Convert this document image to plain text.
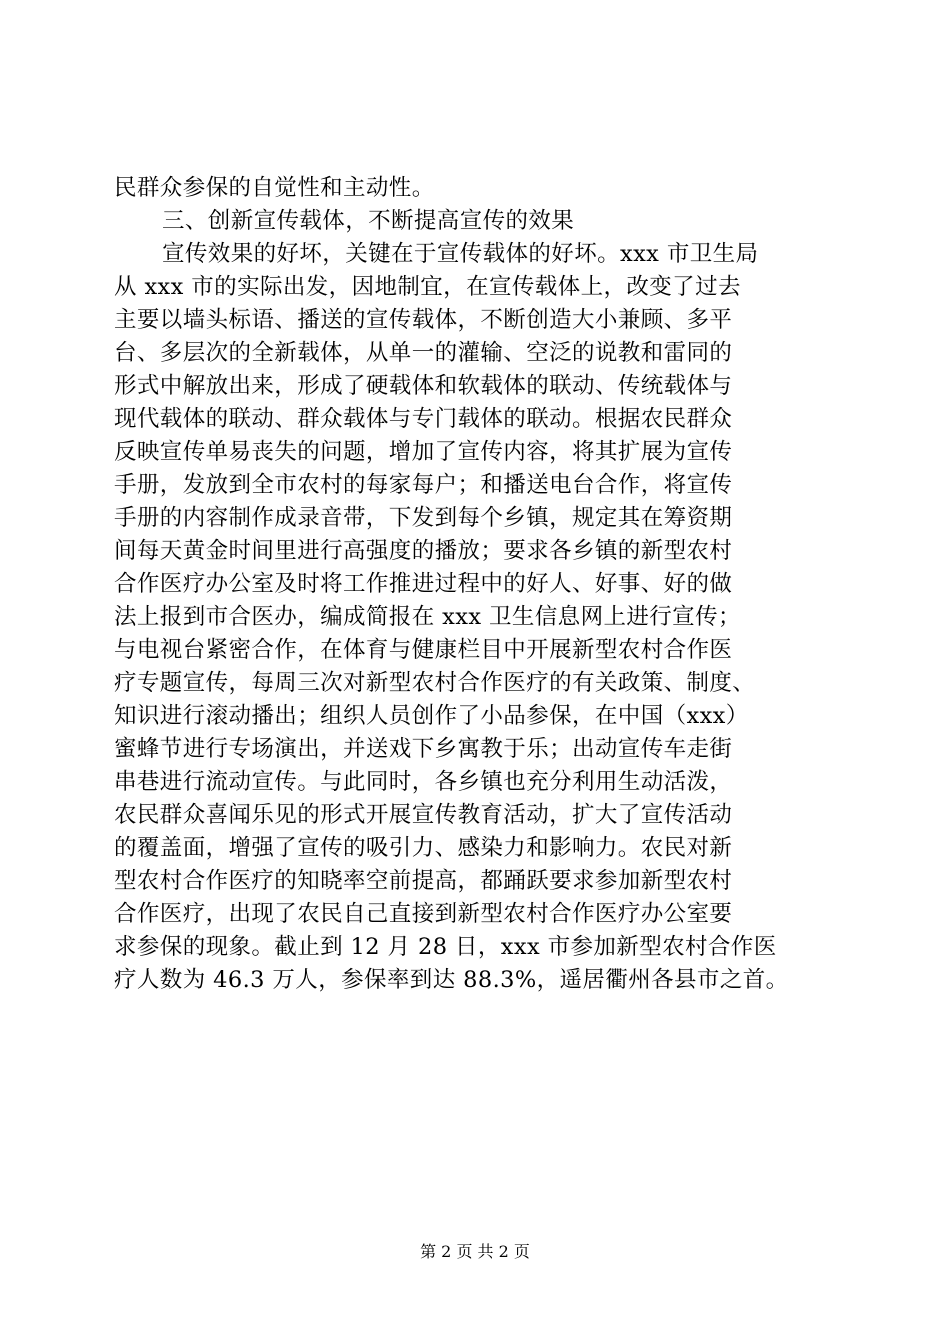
民群众参保的自觉性和主动性。
三、创新宣传载体，不断提高宣传的效果
宣传效果的好坏，关键在于宣传载体的好坏。xxx 市卫生局
从 xxx 市的实际出发，因地制宜，在宣传载体上，改变了过去
主要以墙头标语、播送的宣传载体，不断创造大小兼顾、多平
台、多层次的全新载体，从单一的灌输、空泛的说教和雷同的
形式中解放出来，形成了硬载体和软载体的联动、传统载体与
现代载体的联动、群众载体与专门载体的联动。根据农民群众
反映宣传单易丧失的问题，增加了宣传内容，将其扩展为宣传
手册，发放到全市农村的每家每户；和播送电台合作，将宣传
手册的内容制作成录音带，下发到每个乡镇，规定其在筹资期
间每天黄金时间里进行高强度的播放；要求各乡镇的新型农村
合作医疗办公室及时将工作推进过程中的好人、好事、好的做
法上报到市合医办，编成简报在 xxx 卫生信息网上进行宣传；
与电视台紧密合作，在体育与健康栏目中开展新型农村合作医
疗专题宣传，每周三次对新型农村合作医疗的有关政策、制度、
知识进行滚动播出；组织人员创作了小品参保，在中国（xxx）
蜜蜂节进行专场演出，并送戏下乡寓教于乐；出动宣传车走街
串巷进行流动宣传。与此同时，各乡镇也充分利用生动活泼，
农民群众喜闻乐见的形式开展宣传教育活动，扩大了宣传活动
的覆盖面，增强了宣传的吸引力、感染力和影响力。农民对新
型农村合作医疗的知晓率空前提高，都踊跃要求参加新型农村
合作医疗，出现了农民自己直接到新型农村合作医疗办公室要
求参保的现象。截止到 12 月 28 日，xxx 市参加新型农村合作医
疗人数为 46.3 万人，参保率到达 88.3%，遥居衢州各县市之首。
第 2 页 共 2 页
